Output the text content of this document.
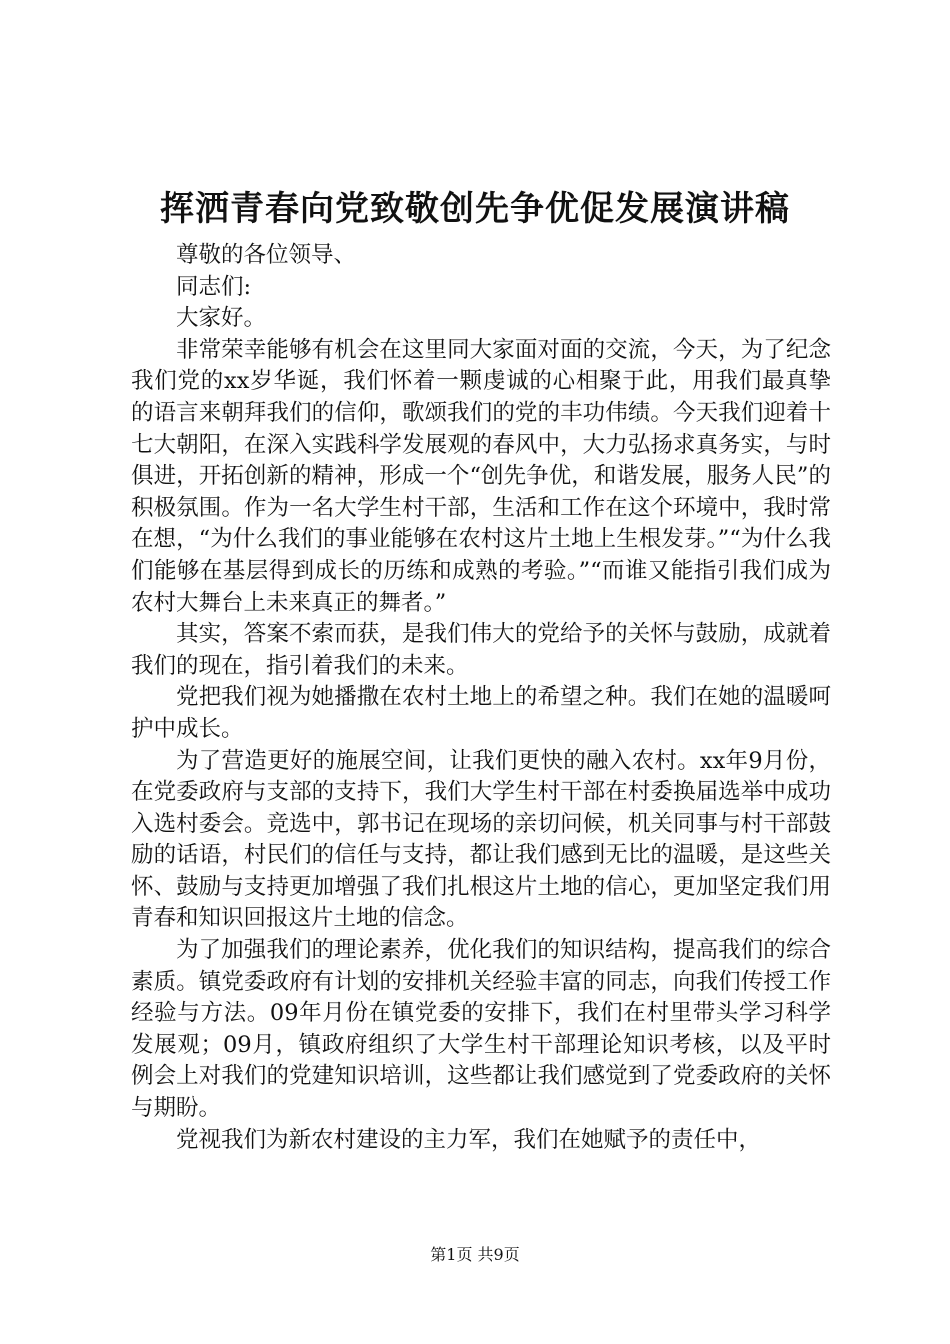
挥洒青春向党致敬创先争优促发展演讲稿

尊敬的各位领导、

同志们:

大家好。

非常荣幸能够有机会在这里同大家面对面的交流，今天，为了纪念我们党的xx岁华诞，我们怀着一颗虔诚的心相聚于此，用我们最真挚的语言来朝拜我们的信仰，歌颂我们的党的丰功伟绩。今天我们迎着十七大朝阳，在深入实践科学发展观的春风中，大力弘扬求真务实，与时俱进，开拓创新的精神，形成一个“创先争优，和谐发展，服务人民”的积极氛围。作为一名大学生村干部，生活和工作在这个环境中，我时常在想，“为什么我们的事业能够在农村这片土地上生根发芽。”“为什么我们能够在基层得到成长的历练和成熟的考验。”“而谁又能指引我们成为农村大舞台上未来真正的舞者。”

其实，答案不索而获，是我们伟大的党给予的关怀与鼓励，成就着我们的现在，指引着我们的未来。

党把我们视为她播撒在农村土地上的希望之种。我们在她的温暖呵护中成长。

为了营造更好的施展空间，让我们更快的融入农村。xx年9月份，在党委政府与支部的支持下，我们大学生村干部在村委换届选举中成功入选村委会。竞选中，郭书记在现场的亲切问候，机关同事与村干部鼓励的话语，村民们的信任与支持，都让我们感到无比的温暖，是这些关怀、鼓励与支持更加增强了我们扎根这片土地的信心，更加坚定我们用青春和知识回报这片土地的信念。

为了加强我们的理论素养，优化我们的知识结构，提高我们的综合素质。镇党委政府有计划的安排机关经验丰富的同志，向我们传授工作经验与方法。09年月份在镇党委的安排下，我们在村里带头学习科学发展观；09月，镇政府组织了大学生村干部理论知识考核，以及平时例会上对我们的党建知识培训，这些都让我们感觉到了党委政府的关怀与期盼。

党视我们为新农村建设的主力军，我们在她赋予的责任中，

第1页 共9页
